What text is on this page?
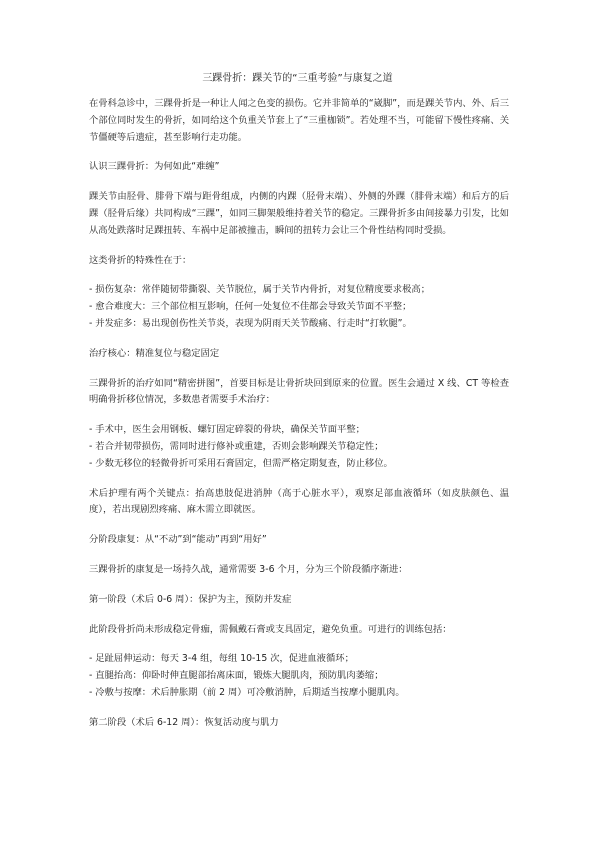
三踝骨折：踝关节的“三重考验”与康复之道

在骨科急诊中，三踝骨折是一种让人闻之色变的损伤。它并非简单的“崴脚”，而是踝关节内、外、后三个部位同时发生的骨折，如同给这个负重关节套上了“三重枷锁”。若处理不当，可能留下慢性疼痛、关节僵硬等后遗症，甚至影响行走功能。

认识三踝骨折：为何如此“难缠”

踝关节由胫骨、腓骨下端与距骨组成，内侧的内踝（胫骨末端）、外侧的外踝（腓骨末端）和后方的后踝（胫骨后缘）共同构成“三踝”，如同三脚架般维持着关节的稳定。三踝骨折多由间接暴力引发，比如从高处跌落时足踝扭转、车祸中足部被撞击，瞬间的扭转力会让三个骨性结构同时受损。

这类骨折的特殊性在于：
- 损伤复杂：常伴随韧带撕裂、关节脱位，属于关节内骨折，对复位精度要求极高；
- 愈合难度大：三个部位相互影响，任何一处复位不佳都会导致关节面不平整；
- 并发症多：易出现创伤性关节炎，表现为阴雨天关节酸痛、行走时“打软腿”。
治疗核心：精准复位与稳定固定

三踝骨折的治疗如同“精密拼图”，首要目标是让骨折块回到原来的位置。医生会通过 X 线、CT 等检查明确骨折移位情况，多数患者需要手术治疗：

- 手术中，医生会用钢板、螺钉固定碎裂的骨块，确保关节面平整；
- 若合并韧带损伤，需同时进行修补或重建，否则会影响踝关节稳定性；
- 少数无移位的轻微骨折可采用石膏固定，但需严格定期复查，防止移位。

术后护理有两个关键点：抬高患肢促进消肿（高于心脏水平），观察足部血液循环（如皮肤颜色、温度），若出现剧烈疼痛、麻木需立即就医。

分阶段康复：从“不动”到“能动”再到“用好”

三踝骨折的康复是一场持久战，通常需要 3-6 个月，分为三个阶段循序渐进：

第一阶段（术后 0-6 周）：保护为主，预防并发症

此阶段骨折尚未形成稳定骨痂，需佩戴石膏或支具固定，避免负重。可进行的训练包括：

- 足趾屈伸运动：每天 3-4 组，每组 10-15 次，促进血液循环；
- 直腿抬高：仰卧时伸直腿部抬离床面，锻炼大腿肌肉，预防肌肉萎缩；
- 冷敷与按摩：术后肿胀期（前 2 周）可冷敷消肿，后期适当按摩小腿肌肉。
第二阶段（术后 6-12 周）：恢复活动度与肌力
